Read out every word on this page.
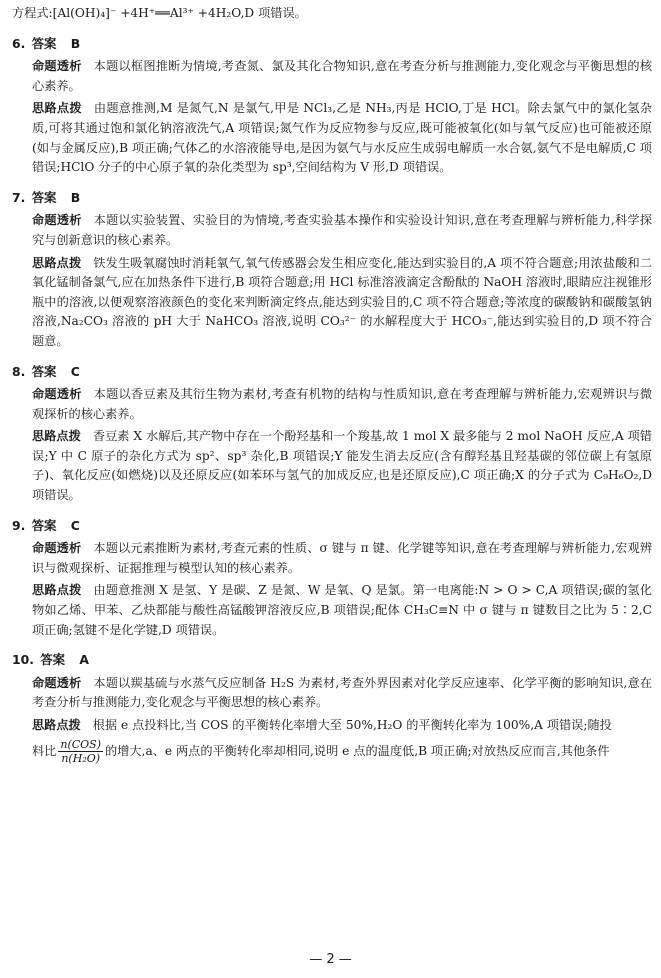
方程式:[Al(OH)₄]⁻ +4H⁺══Al³⁺ +4H₂O,D 项错误。

6. 答案 B

命题透析 本题以框图推断为情境,考查氮、氯及其化合物知识,意在考查分析与推测能力,变化观念与平衡思想的核心素养。

思路点拨 由题意推测,M 是氮气,N 是氯气,甲是 NCl₃,乙是 NH₃,丙是 HClO,丁是 HCl。除去氯气中的氯化氢杂质,可将其通过饱和氯化钠溶液洗气,A 项错误;氮气作为反应物参与反应,既可能被氧化(如与氧气反应)也可能被还原(如与金属反应),B 项正确;气体乙的水溶液能导电,是因为氨气与水反应生成弱电解质一水合氨,氨气不是电解质,C 项错误;HClO 分子的中心原子氧的杂化类型为 sp³,空间结构为 V 形,D 项错误。

7. 答案 B

命题透析 本题以实验装置、实验目的为情境,考查实验基本操作和实验设计知识,意在考查理解与辨析能力,科学探究与创新意识的核心素养。

思路点拨 铁发生吸氧腐蚀时消耗氧气,氧气传感器会发生相应变化,能达到实验目的,A 项不符合题意;用浓盐酸和二氧化锰制备氯气,应在加热条件下进行,B 项符合题意;用 HCl 标准溶液滴定含酚酞的 NaOH 溶液时,眼睛应注视锥形瓶中的溶液,以便观察溶液颜色的变化来判断滴定终点,能达到实验目的,C 项不符合题意;等浓度的碳酸钠和碳酸氢钠溶液,Na₂CO₃ 溶液的 pH 大于 NaHCO₃ 溶液,说明 CO₃²⁻ 的水解程度大于 HCO₃⁻,能达到实验目的,D 项不符合题意。

8. 答案 C

命题透析 本题以香豆素及其衍生物为素材,考查有机物的结构与性质知识,意在考查理解与辨析能力,宏观辨识与微观探析的核心素养。

思路点拨 香豆素 X 水解后,其产物中存在一个酚羟基和一个羧基,故 1 mol X 最多能与 2 mol NaOH 反应,A 项错误;Y 中 C 原子的杂化方式为 sp²、sp³ 杂化,B 项错误;Y 能发生消去反应(含有醇羟基且羟基碳的邻位碳上有氢原子)、氧化反应(如燃烧)以及还原反应(如苯环与氢气的加成反应,也是还原反应),C 项正确;X 的分子式为 C₉H₆O₂,D 项错误。

9. 答案 C

命题透析 本题以元素推断为素材,考查元素的性质、σ 键与 π 键、化学键等知识,意在考查理解与辨析能力,宏观辨识与微观探析、证据推理与模型认知的核心素养。

思路点拨 由题意推测 X 是氢、Y 是碳、Z 是氮、W 是氧、Q 是氯。第一电离能:N > O > C,A 项错误;碳的氢化物如乙烯、甲苯、乙炔都能与酸性高锰酸钾溶液反应,B 项错误;配体 CH₃C≡N 中 σ 键与 π 键数目之比为 5∶2,C 项正确;氢键不是化学键,D 项错误。

10. 答案 A

命题透析 本题以羰基硫与水蒸气反应制备 H₂S 为素材,考查外界因素对化学反应速率、化学平衡的影响知识,意在考查分析与推测能力,变化观念与平衡思想的核心素养。

思路点拨 根据 e 点投料比,当 COS 的平衡转化率增大至 50%,H₂O 的平衡转化率为 100%,A 项错误;随投

料比 $\frac{\text{n(COS)}}{\text{n(H₂O)}}$ 的增大,a、e 两点的平衡转化率却相同,说明 e 点的温度低,B 项正确;对放热反应而言,其他条件

— 2 —
